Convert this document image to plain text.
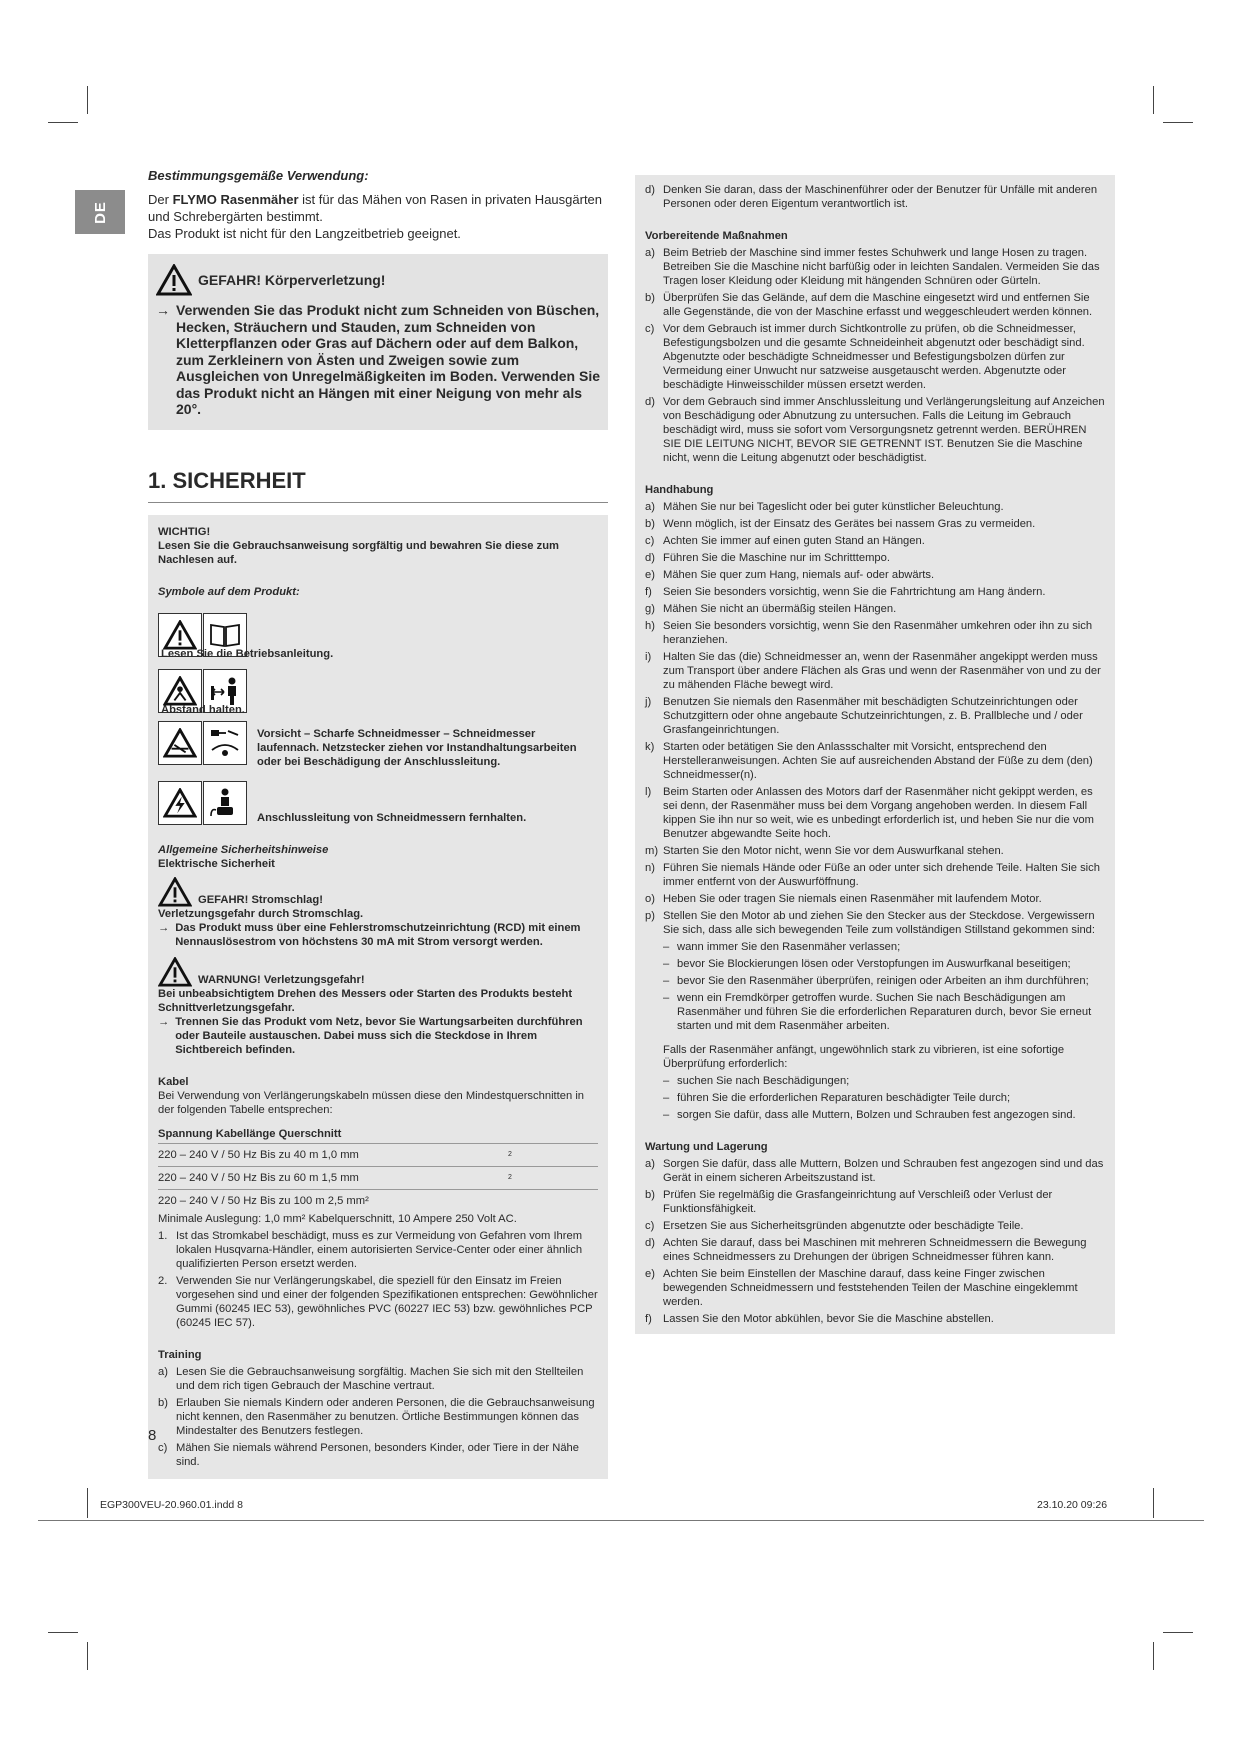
DE

Bestimmungsgemäße Verwendung:

Der FLYMO Rasenmäher ist für das Mähen von Rasen in privaten Hausgärten und Schrebergärten bestimmt.

Das Produkt ist nicht für den Langzeitbetrieb geeignet.

GEFAHR! Körperverletzung!
→ Verwenden Sie das Produkt nicht zum Schneiden von Büschen, Hecken, Sträuchern und Stauden, zum Schneiden von Kletterpflanzen oder Gras auf Dächern oder auf dem Balkon, zum Zerkleinern von Ästen und Zweigen sowie zum Ausgleichen von Unregelmäßigkeiten im Boden. Verwenden Sie das Produkt nicht an Hängen mit einer Neigung von mehr als 20°.
1. SICHERHEIT
WICHTIG!
Lesen Sie die Gebrauchsanweisung sorgfältig und bewahren Sie diese zum Nachlesen auf.
Symbole auf dem Produkt:
Lesen Sie die Betriebsanleitung.
Abstand halten.
Vorsicht – Scharfe Schneidmesser – Schneidmesser laufennach. Netzstecker ziehen vor Instandhaltungsarbeiten oder bei Beschädigung der Anschlussleitung.
Anschlussleitung von Schneidmessern fernhalten.
Allgemeine Sicherheitshinweise
Elektrische Sicherheit
GEFAHR! Stromschlag!
Verletzungsgefahr durch Stromschlag.
→ Das Produkt muss über eine Fehlerstromschutzeinrichtung (RCD) mit einem Nennauslösestrom von höchstens 30 mA mit Strom versorgt werden.
WARNUNG! Verletzungsgefahr!
Bei unbeabsichtigtem Drehen des Messers oder Starten des Produkts besteht Schnittverletzungsgefahr.
→ Trennen Sie das Produkt vom Netz, bevor Sie Wartungsarbeiten durchführen oder Bauteile austauschen. Dabei muss sich die Steckdose in Ihrem Sichtbereich befinden.
Kabel
Bei Verwendung von Verlängerungskabeln müssen diese den Mindestquerschnitten in der folgenden Tabelle entsprechen:
Spannung Kabellänge Querschnitt
220 – 240 V / 50 Hz Bis zu 40 m 1,0 mm	2
220 – 240 V / 50 Hz Bis zu 60 m 1,5 mm	2
220 – 240 V / 50 Hz Bis zu 100 m 2,5 mm²	
Minimale Auslegung: 1,0 mm² Kabelquerschnitt, 10 Ampere 250 Volt AC.
1. Ist das Stromkabel beschädigt, muss es zur Vermeidung von Gefahren vom Ihrem lokalen Husqvarna-Händler, einem autorisierten Service-Center oder einer ähnlich qualifizierten Person ersetzt werden.
2. Verwenden Sie nur Verlängerungskabel, die speziell für den Einsatz im Freien vorgesehen sind und einer der folgenden Spezifikationen entsprechen: Gewöhnlicher Gummi (60245 IEC 53), gewöhnliches PVC (60227 IEC 53) bzw. gewöhnliches PCP (60245 IEC 57).
Training
a) Lesen Sie die Gebrauchsanweisung sorgfältig. Machen Sie sich mit den Stellteilen und dem rich tigen Gebrauch der Maschine vertraut.
b) Erlauben Sie niemals Kindern oder anderen Personen, die die Gebrauchsanweisung nicht kennen, den Rasenmäher zu benutzen. Örtliche Bestimmungen können das Mindestalter des Benutzers festlegen.
c) Mähen Sie niemals während Personen, besonders Kinder, oder Tiere in der Nähe sind.
d) Denken Sie daran, dass der Maschinenführer oder der Benutzer für Unfälle mit anderen Personen oder deren Eigentum verantwortlich ist.
Vorbereitende Maßnahmen
a) Beim Betrieb der Maschine sind immer festes Schuhwerk und lange Hosen zu tragen. Betreiben Sie die Maschine nicht barfüßig oder in leichten Sandalen. Vermeiden Sie das Tragen loser Kleidung oder Kleidung mit hängenden Schnüren oder Gürteln.
b) Überprüfen Sie das Gelände, auf dem die Maschine eingesetzt wird und entfernen Sie alle Gegenstände, die von der Maschine erfasst und weggeschleudert werden können.
c) Vor dem Gebrauch ist immer durch Sichtkontrolle zu prüfen, ob die Schneidmesser, Befestigungsbolzen und die gesamte Schneideinheit abgenutzt oder beschädigt sind. Abgenutzte oder beschädigte Schneidmesser und Befestigungsbolzen dürfen zur Vermeidung einer Unwucht nur satzweise ausgetauscht werden. Abgenutzte oder beschädigte Hinweisschilder müssen ersetzt werden.
d) Vor dem Gebrauch sind immer Anschlussleitung und Verlängerungsleitung auf Anzeichen von Beschädigung oder Abnutzung zu untersuchen. Falls die Leitung im Gebrauch beschädigt wird, muss sie sofort vom Versorgungsnetz getrennt werden. BERÜHREN SIE DIE LEITUNG NICHT, BEVOR SIE GETRENNT IST. Benutzen Sie die Maschine nicht, wenn die Leitung abgenutzt oder beschädigtist.
Handhabung
a) Mähen Sie nur bei Tageslicht oder bei guter künstlicher Beleuchtung.
b) Wenn möglich, ist der Einsatz des Gerätes bei nassem Gras zu vermeiden.
c) Achten Sie immer auf einen guten Stand an Hängen.
d) Führen Sie die Maschine nur im Schritttempo.
e) Mähen Sie quer zum Hang, niemals auf- oder abwärts.
f) Seien Sie besonders vorsichtig, wenn Sie die Fahrtrichtung am Hang ändern.
g) Mähen Sie nicht an übermäßig steilen Hängen.
h) Seien Sie besonders vorsichtig, wenn Sie den Rasenmäher umkehren oder ihn zu sich heranziehen.
i)	Halten Sie das (die) Schneidmesser an, wenn der Rasenmäher angekippt werden muss zum Transport über andere Flächen als Gras und wenn der Rasenmäher von und zu der zu mähenden Fläche bewegt wird.
j)	Benutzen Sie niemals den Rasenmäher mit beschädigten Schutzeinrichtungen oder Schutzgittern oder ohne angebaute Schutzeinrichtungen, z. B. Prallbleche und / oder Grasfangeinrichtungen.
k) Starten oder betätigen Sie den Anlassschalter mit Vorsicht, entsprechend den Herstelleranweisungen. Achten Sie auf ausreichenden Abstand der Füße zu dem (den) Schneidmesser(n).
l)	Beim Starten oder Anlassen des Motors darf der Rasenmäher nicht gekippt werden, es sei denn, der Rasenmäher muss bei dem Vorgang angehoben werden. In diesem Fall kippen Sie ihn nur so weit, wie es unbedingt erforderlich ist, und heben Sie nur die vom Benutzer abgewandte Seite hoch.
m) Starten Sie den Motor nicht, wenn Sie vor dem Auswurfkanal stehen.
n) Führen Sie niemals Hände oder Füße an oder unter sich drehende Teile. Halten Sie sich immer entfernt von der Auswurföffnung.
o) Heben Sie oder tragen Sie niemals einen Rasenmäher mit laufendem Motor.
p) Stellen Sie den Motor ab und ziehen Sie den Stecker aus der Steckdose. Vergewissern Sie sich, dass alle sich bewegenden Teile zum vollständigen Stillstand gekommen sind:
– wann immer Sie den Rasenmäher verlassen;
– bevor Sie Blockierungen lösen oder Verstopfungen im Auswurfkanal beseitigen;
– bevor Sie den Rasenmäher überprüfen, reinigen oder Arbeiten an ihm durchführen;
– wenn ein Fremdkörper getroffen wurde. Suchen Sie nach Beschädigungen am Rasenmäher und führen Sie die erforderlichen Reparaturen durch, bevor Sie erneut starten und mit dem Rasenmäher arbeiten.
Falls der Rasenmäher anfängt, ungewöhnlich stark zu vibrieren, ist eine sofortige Überprüfung erforderlich:
– suchen Sie nach Beschädigungen;
– führen Sie die erforderlichen Reparaturen beschädigter Teile durch;
– sorgen Sie dafür, dass alle Muttern, Bolzen und Schrauben fest angezogen sind.
Wartung und Lagerung
a) Sorgen Sie dafür, dass alle Muttern, Bolzen und Schrauben fest angezogen sind und das Gerät in einem sicheren Arbeitszustand ist.
b) Prüfen Sie regelmäßig die Grasfangeinrichtung auf Verschleiß oder Verlust der Funktionsfähigkeit.
c) Ersetzen Sie aus Sicherheitsgründen abgenutzte oder beschädigte Teile.
d) Achten Sie darauf, dass bei Maschinen mit mehreren Schneidmessern die Bewegung eines Schneidmessers zu Drehungen der übrigen Schneidmesser führen kann.
e) Achten Sie beim Einstellen der Maschine darauf, dass keine Finger zwischen bewegenden Schneidmessern und feststehenden Teilen der Maschine eingeklemmt werden.
f) Lassen Sie den Motor abkühlen, bevor Sie die Maschine abstellen.
8
EGP300VEU-20.960.01.indd 8	23.10.20 09:26
